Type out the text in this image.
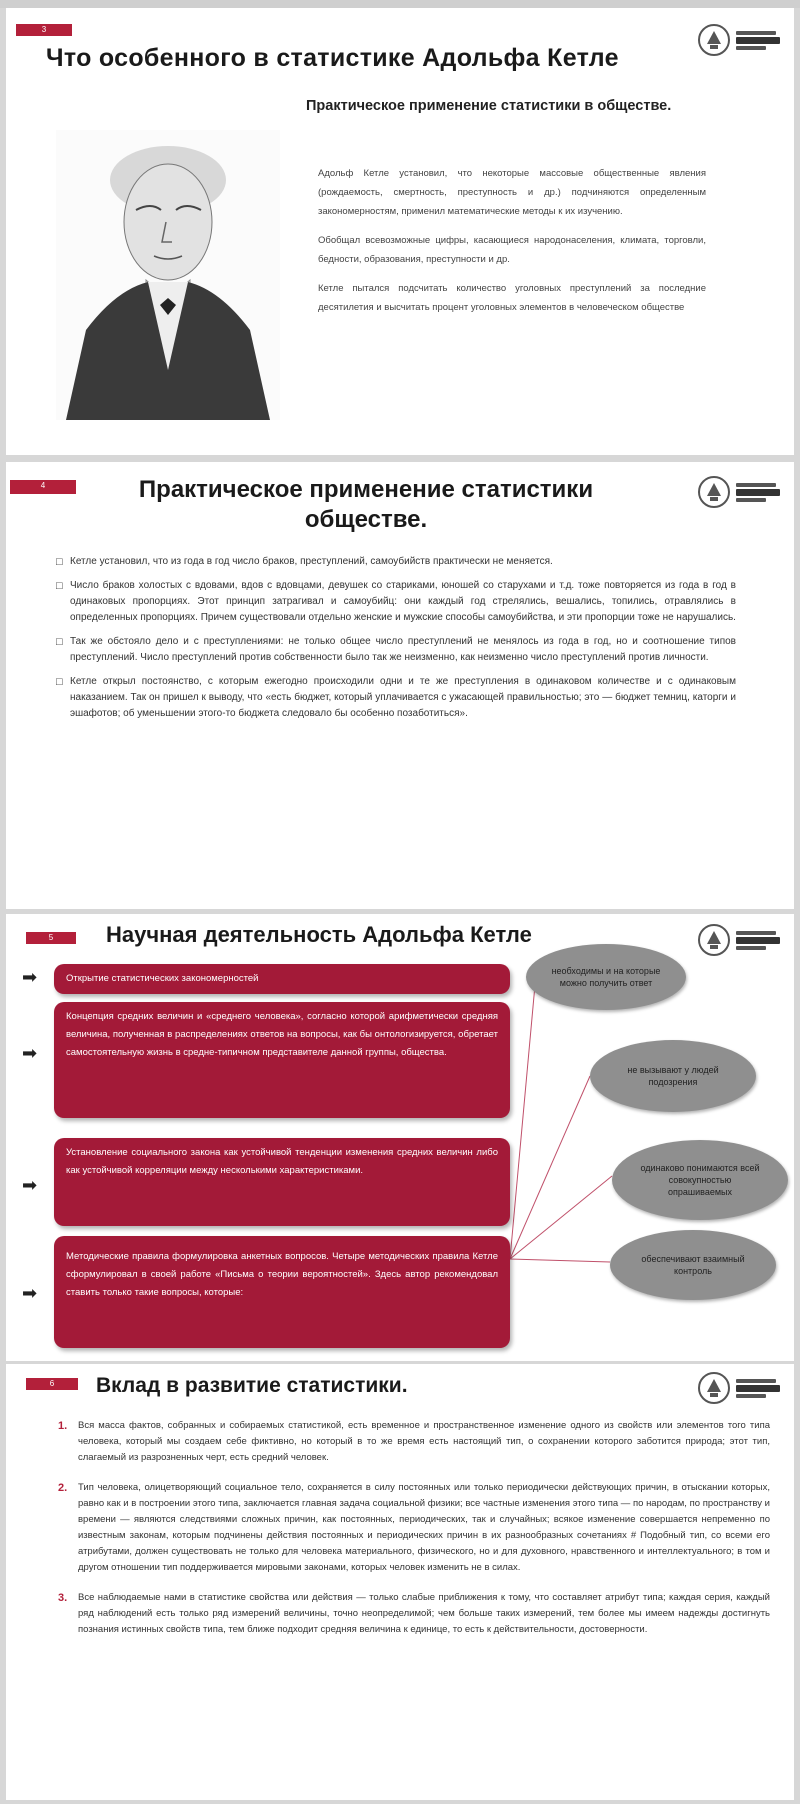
3
Что особенного в статистике Адольфа Кетле
Практическое применение статистики в обществе.

Адольф Кетле установил, что некоторые массовые общественные явления (рождаемость, смертность, преступность и др.) подчиняются определенным закономерностям, применил математические методы к их изучению.

Обобщал всевозможные цифры, касающиеся народонаселения, климата, торговли, бедности, образования, преступности и др.

Кетле пытался подсчитать количество уголовных преступлений за последние десятилетия и высчитать процент уголовных элементов в человеческом обществе

4	Практическое применение статистики обществе.
□ Кетле установил, что из года в год число браков, преступлений, самоубийств практически не меняется.
□ Число браков холостых с вдовами, вдов с вдовцами, девушек со стариками, юношей со старухами и т.д. тоже повторяется из года в год в одинаковых пропорциях. Этот принцип затрагивал и самоубийц: они каждый год стрелялись, вешались, топились, отравлялись в определенных пропорциях. Причем существовали отдельно женские и мужские способы самоубийства, и эти пропорции тоже не нарушались.
□ Так же обстояло дело и с преступлениями: не только общее число преступлений не менялось из года в год, но и соотношение типов преступлений. Число преступлений против собственности было так же неизменно, как неизменно число преступлений против личности.
□ Кетле открыл постоянство, с которым ежегодно происходили одни и те же преступления в одинаковом количестве и с одинаковым наказанием. Так он пришел к выводу, что «есть бюджет, который уплачивается с ужасающей правильностью; это — бюджет темниц, каторги и эшафотов; об уменьшении этого-то бюджета следовало бы особенно позаботиться».
5	Научная деятельность Адольфа Кетле
➡	Открытие статистических закономерностей
➡
Концепция средних величин и «среднего человека», согласно которой арифметически средняя величина, полученная в распределениях ответов на вопросы, как бы онтологизируется, обретает самостоятельную жизнь в средне-типичном представителе данной группы, общества.
➡
Установление социального закона как устойчивой тенденции изменения средних величин либо как устойчивой корреляции между несколькими характеристиками.
➡
Методические правила формулировка анкетных вопросов. Четыре методических правила Кетле сформулировал в своей работе «Письма о теории вероятностей». Здесь автор рекомендовал ставить только такие вопросы, которые:
необходимы и на которые можно получить ответ
не вызывают у людей подозрения
одинаково понимаются всей совокупностью опрашиваемых
обеспечивают взаимный контроль
6	Вклад в развитие статистики.
1. Вся масса фактов, собранных и собираемых статистикой, есть временное и пространственное изменение одного из свойств или элементов того типа человека, который мы создаем себе фиктивно, но который в то же время есть настоящий тип, о сохранении которого заботится природа; этот тип, слагаемый из разрозненных черт, есть средний человек.
2. Тип человека, олицетворяющий социальное тело, сохраняется в силу постоянных или только периодически действующих причин, в отыскании которых, равно как и в построении этого типа, заключается главная задача социальной физики; все частные изменения этого типа — по народам, по пространству и времени — являются следствиями сложных причин, как постоянных, периодических, так и случайных; всякое изменение совершается непременно по известным законам, которым подчинены действия постоянных и периодических причин в их разнообразных сочетаниях # Подобный тип, со всеми его атрибутами, должен существовать не только для человека материального, физического, но и для духовного, нравственного и интеллектуального; в том и другом отношении тип поддерживается мировыми законами, которых человек изменить не в силах.
3. Все наблюдаемые нами в статистике свойства или действия — только слабые приближения к тому, что составляет атрибут типа; каждая серия, каждый ряд наблюдений есть только ряд измерений величины, точно неопределимой; чем больше таких измерений, тем более мы имеем надежды достигнуть познания истинных свойств типа, тем ближе подходит средняя величина к единице, то есть к действительности, достоверности.
